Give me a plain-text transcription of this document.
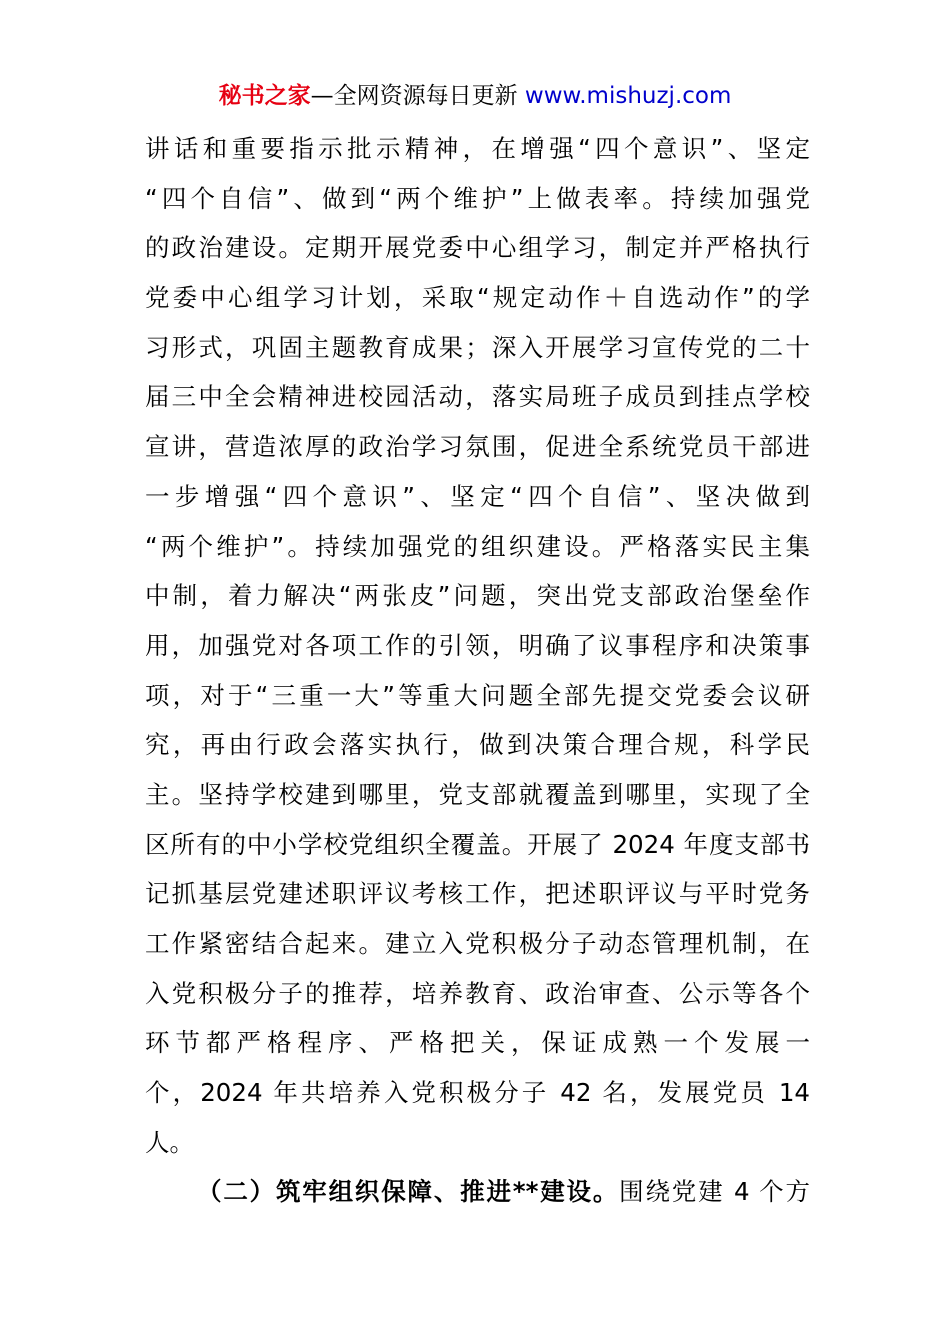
秘书之家—全网资源每日更新 www.mishuzj.com
讲话和重要指示批示精神，在增强“四个意识”、坚定
“四个自信”、做到“两个维护”上做表率。持续加强党
的政治建设。定期开展党委中心组学习，制定并严格执行
党委中心组学习计划，采取“规定动作＋自选动作”的学
习形式，巩固主题教育成果；深入开展学习宣传党的二十
届三中全会精神进校园活动，落实局班子成员到挂点学校
宣讲，营造浓厚的政治学习氛围，促进全系统党员干部进
一步增强“四个意识”、坚定“四个自信”、坚决做到
“两个维护”。持续加强党的组织建设。严格落实民主集
中制，着力解决“两张皮”问题，突出党支部政治堡垒作
用，加强党对各项工作的引领，明确了议事程序和决策事
项，对于“三重一大”等重大问题全部先提交党委会议研
究，再由行政会落实执行，做到决策合理合规，科学民
主。坚持学校建到哪里，党支部就覆盖到哪里，实现了全
区所有的中小学校党组织全覆盖。开展了 2024 年度支部书
记抓基层党建述职评议考核工作，把述职评议与平时党务
工作紧密结合起来。建立入党积极分子动态管理机制，在
入党积极分子的推荐，培养教育、政治审查、公示等各个
环节都严格程序、严格把关，保证成熟一个发展一
个，2024 年共培养入党积极分子 42 名，发展党员 14
人。
（二）筑牢组织保障、推进**建设。围绕党建 4 个方
